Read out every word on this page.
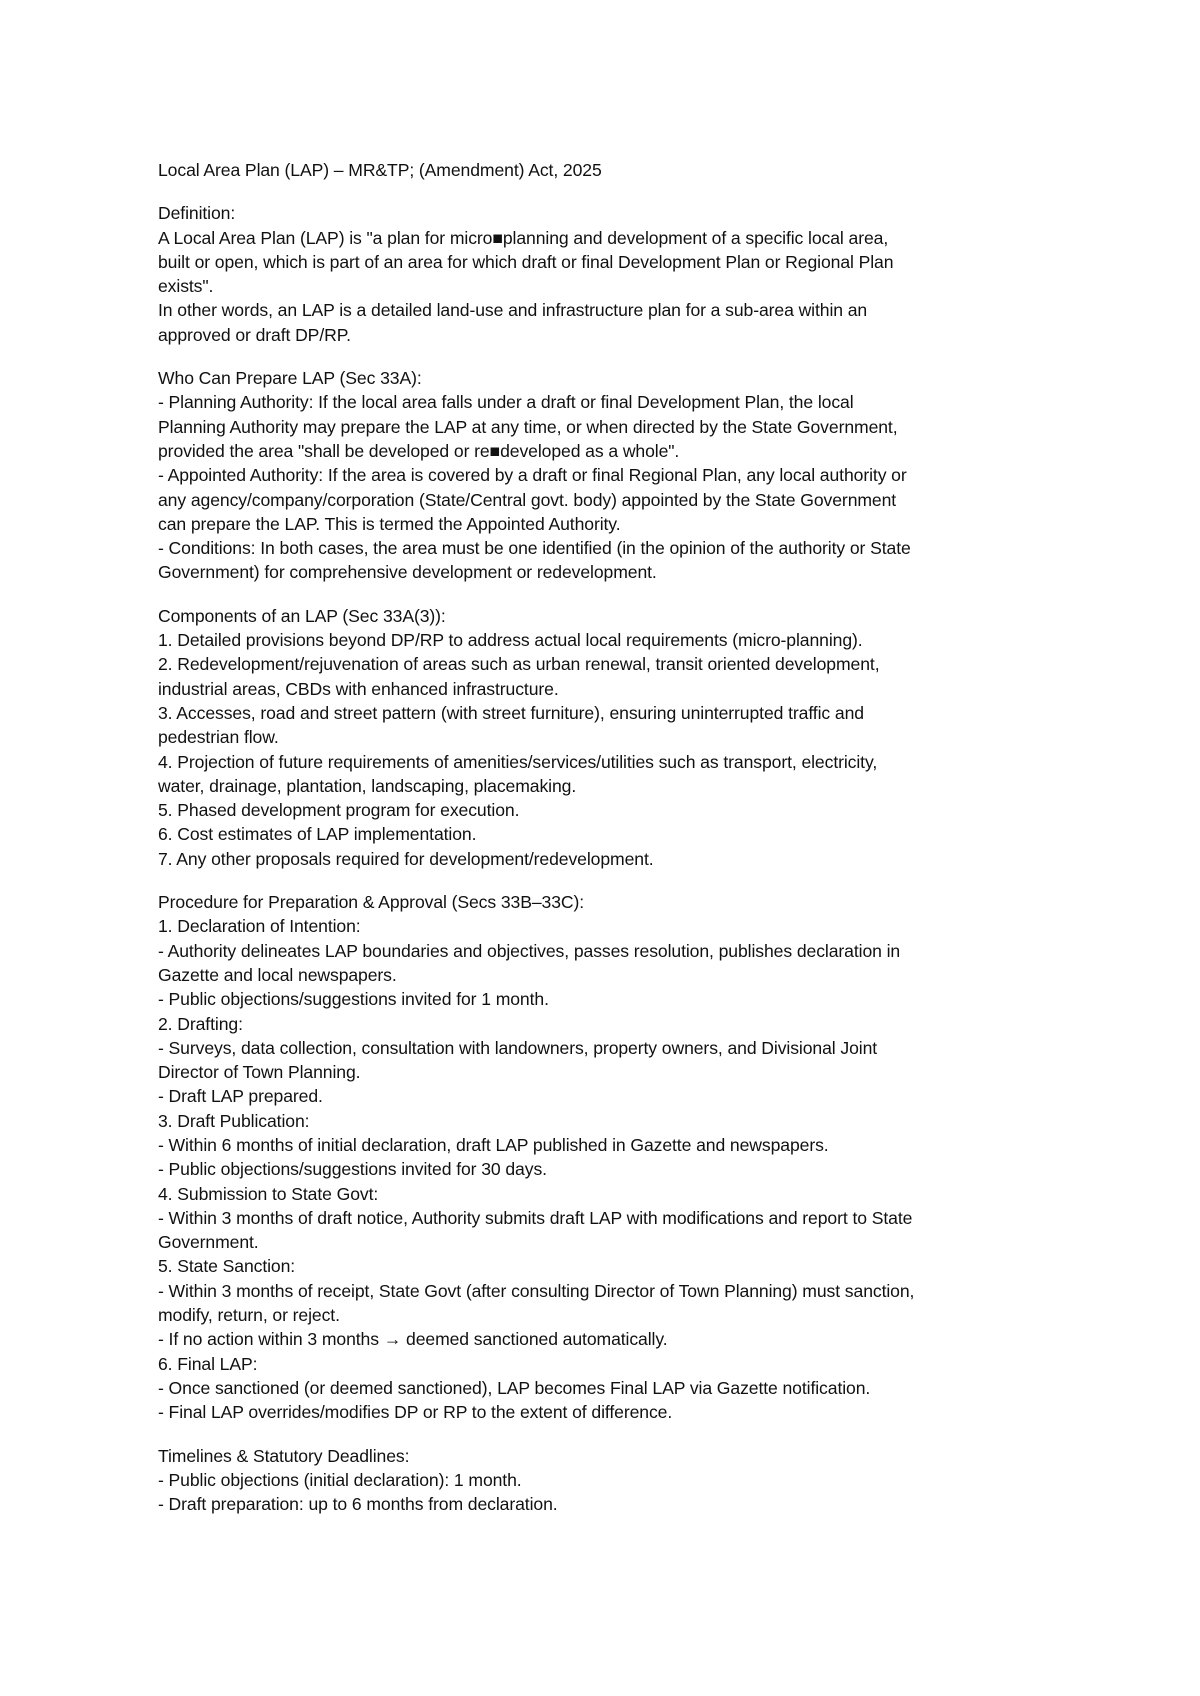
Local Area Plan (LAP) – MR&TP; (Amendment) Act, 2025
Definition:
A Local Area Plan (LAP) is "a plan for micro■planning and development of a specific local area,
built or open, which is part of an area for which draft or final Development Plan or Regional Plan
exists".
In other words, an LAP is a detailed land-use and infrastructure plan for a sub-area within an
approved or draft DP/RP.
Who Can Prepare LAP (Sec 33A):
- Planning Authority: If the local area falls under a draft or final Development Plan, the local
Planning Authority may prepare the LAP at any time, or when directed by the State Government,
provided the area "shall be developed or re■developed as a whole".
- Appointed Authority: If the area is covered by a draft or final Regional Plan, any local authority or
any agency/company/corporation (State/Central govt. body) appointed by the State Government
can prepare the LAP. This is termed the Appointed Authority.
- Conditions: In both cases, the area must be one identified (in the opinion of the authority or State
Government) for comprehensive development or redevelopment.
Components of an LAP (Sec 33A(3)):
1. Detailed provisions beyond DP/RP to address actual local requirements (micro-planning).
2. Redevelopment/rejuvenation of areas such as urban renewal, transit oriented development,
industrial areas, CBDs with enhanced infrastructure.
3. Accesses, road and street pattern (with street furniture), ensuring uninterrupted traffic and
pedestrian flow.
4. Projection of future requirements of amenities/services/utilities such as transport, electricity,
water, drainage, plantation, landscaping, placemaking.
5. Phased development program for execution.
6. Cost estimates of LAP implementation.
7. Any other proposals required for development/redevelopment.
Procedure for Preparation & Approval (Secs 33B–33C):
1. Declaration of Intention:
- Authority delineates LAP boundaries and objectives, passes resolution, publishes declaration in
Gazette and local newspapers.
- Public objections/suggestions invited for 1 month.
2. Drafting:
- Surveys, data collection, consultation with landowners, property owners, and Divisional Joint
Director of Town Planning.
- Draft LAP prepared.
3. Draft Publication:
- Within 6 months of initial declaration, draft LAP published in Gazette and newspapers.
- Public objections/suggestions invited for 30 days.
4. Submission to State Govt:
- Within 3 months of draft notice, Authority submits draft LAP with modifications and report to State
Government.
5. State Sanction:
- Within 3 months of receipt, State Govt (after consulting Director of Town Planning) must sanction,
modify, return, or reject.
- If no action within 3 months → deemed sanctioned automatically.
6. Final LAP:
- Once sanctioned (or deemed sanctioned), LAP becomes Final LAP via Gazette notification.
- Final LAP overrides/modifies DP or RP to the extent of difference.
Timelines & Statutory Deadlines:
- Public objections (initial declaration): 1 month.
- Draft preparation: up to 6 months from declaration.
